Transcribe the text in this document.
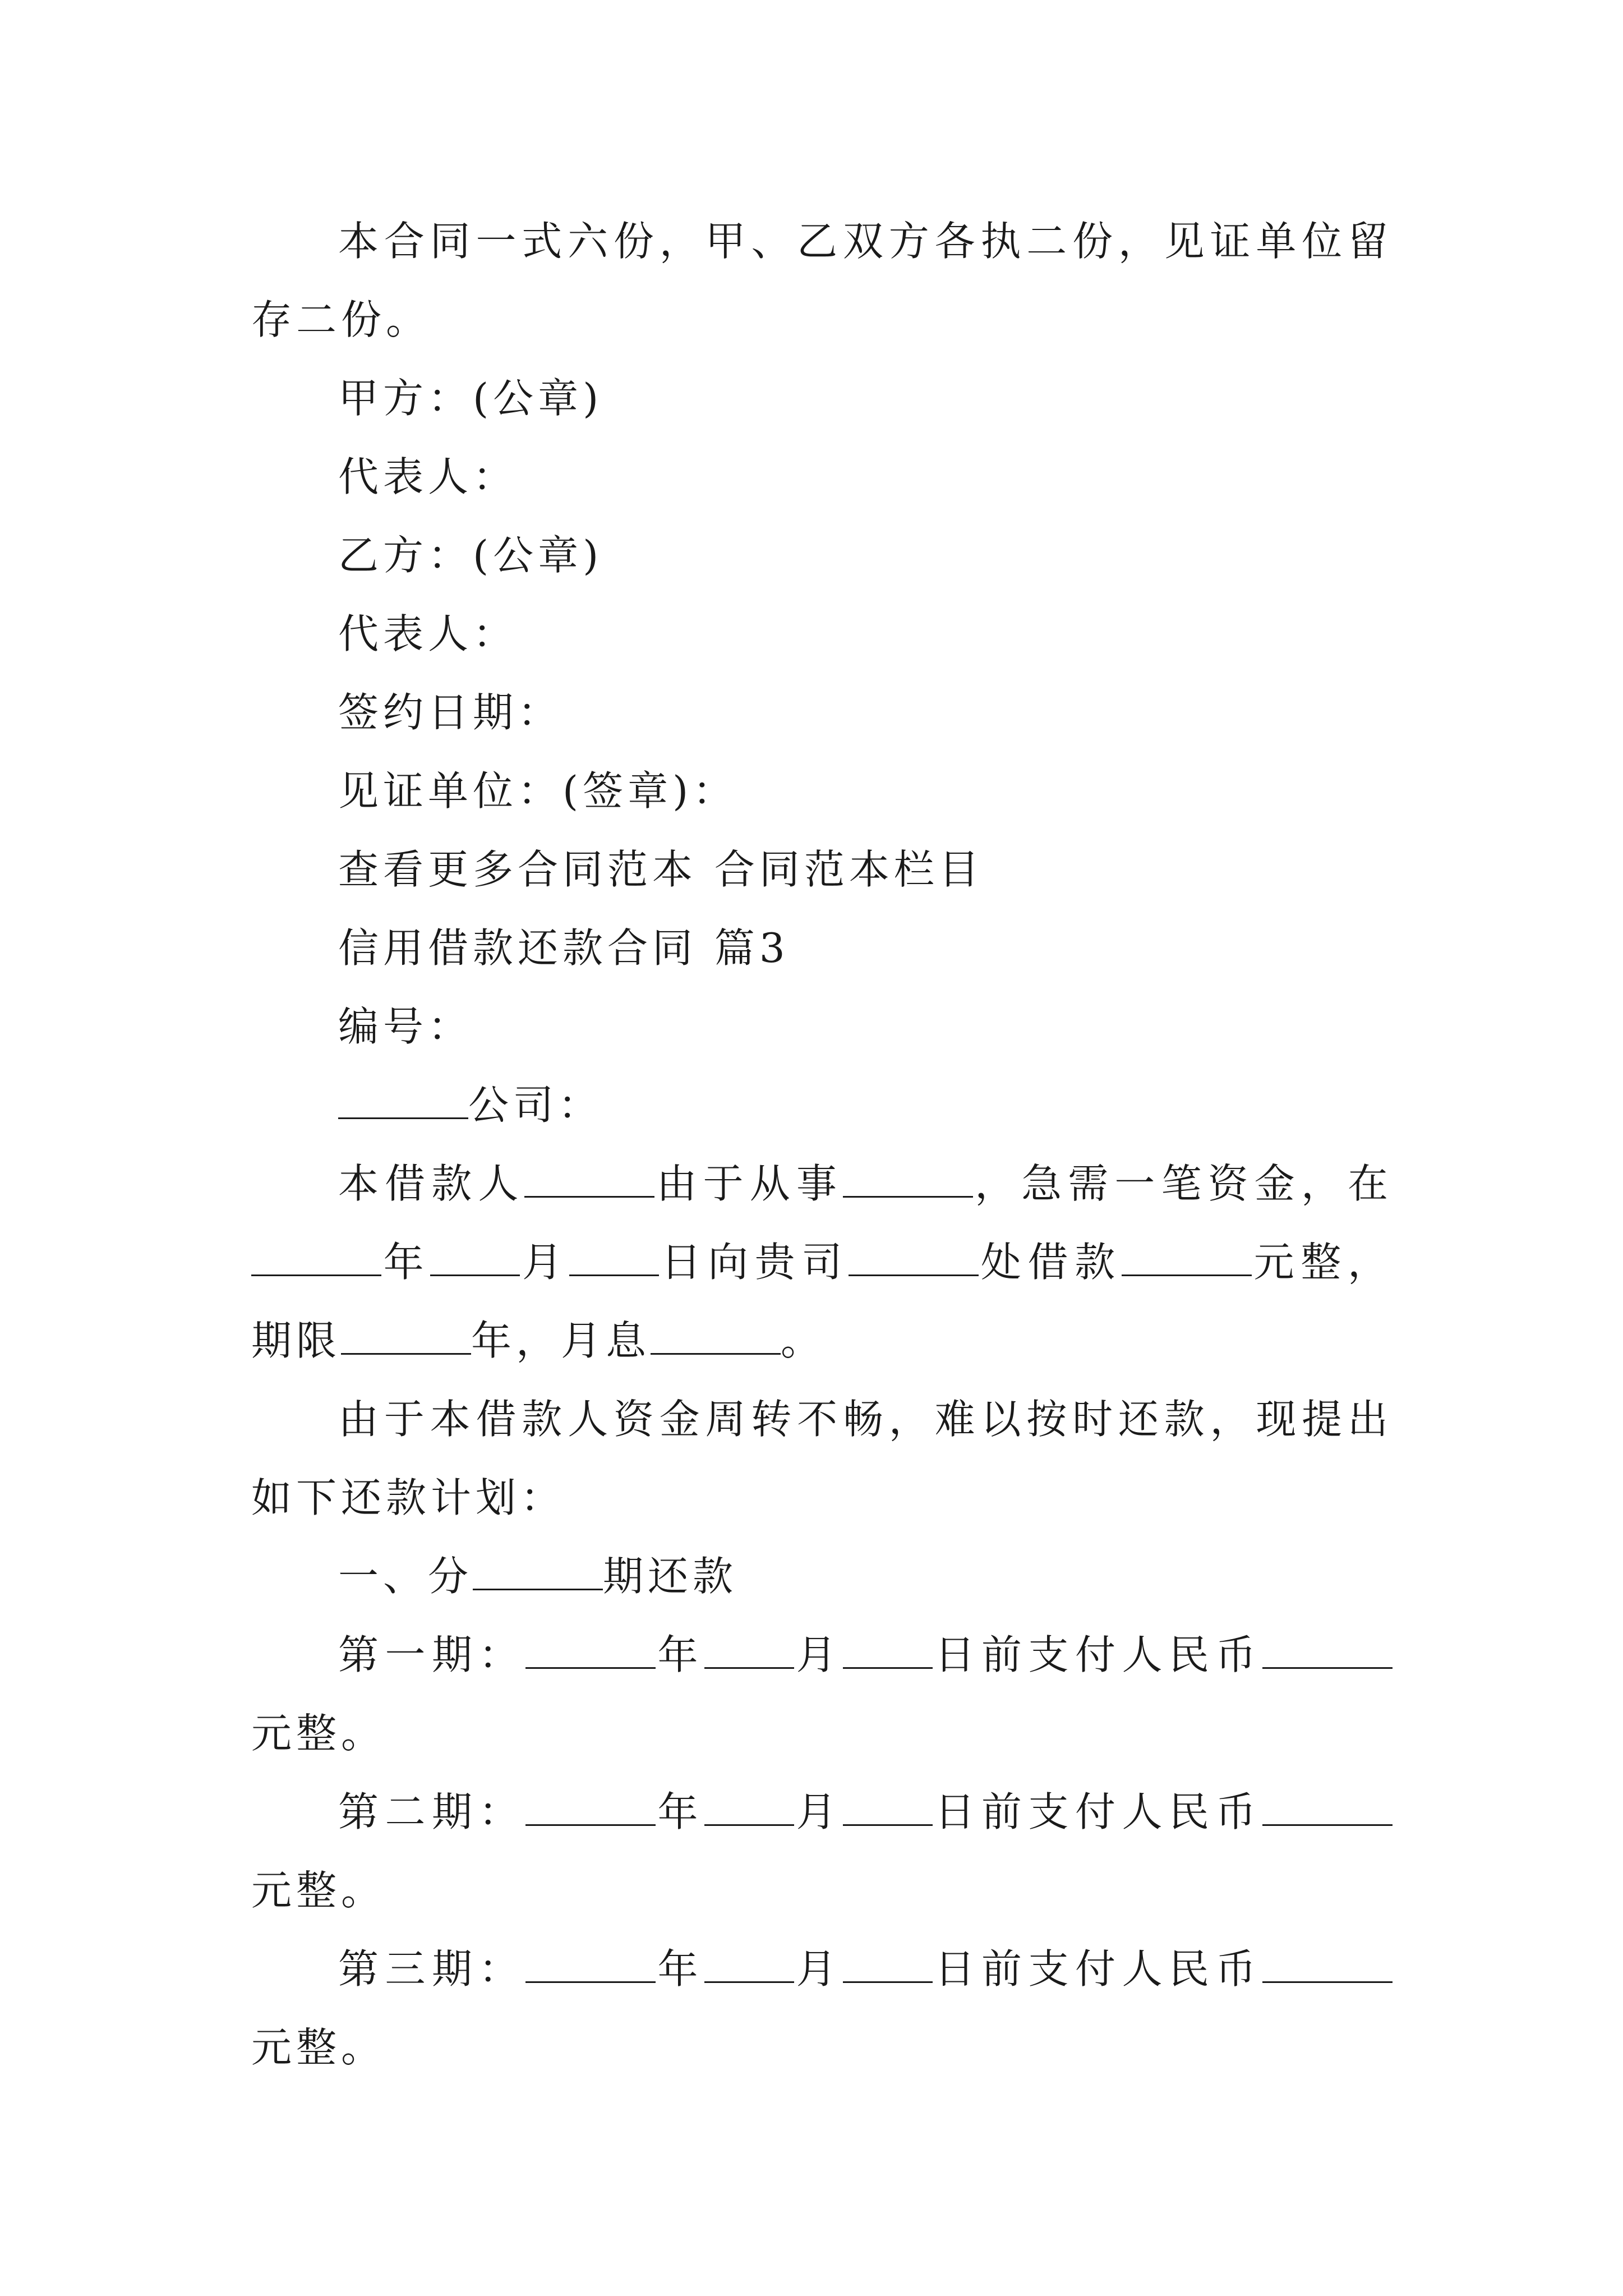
本合同一式六份，甲、乙双方各执二份，见证单位留存二份。

甲方：(公章)

代表人：

乙方：(公章)

代表人：

签约日期：

见证单位：(签章)：

查看更多合同范本 合同范本栏目

信用借款还款合同 篇3

编号：

公司：

本借款人	由于从事	，急需一笔资金，在年 月 日向贵司	处借款	元整，期限	年，月息	。

由于本借款人资金周转不畅，难以按时还款，现提出如下还款计划：

一、分	期还款

第一期：	年 月 日前支付人民币元整。

第二期：	年 月 日前支付人民币元整。

第三期：	年 月 日前支付人民币元整。
